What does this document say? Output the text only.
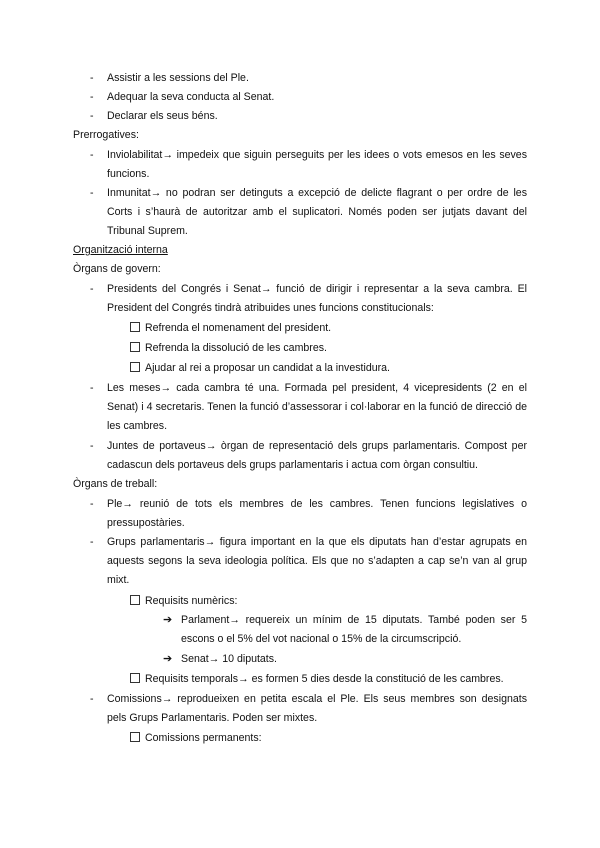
- Assistir a les sessions del Ple.
- Adequar la seva conducta al Senat.
- Declarar els seus béns.
Prerrogatives:
- Inviolabilitat→ impedeix que siguin perseguits per les idees o vots emesos en les seves funcions.
- Inmunitat→ no podran ser detinguts a excepció de delicte flagrant o per ordre de les Corts i s’haurà de autoritzar amb el suplicatori. Només poden ser jutjats davant del Tribunal Suprem.
Organització interna
Òrgans de govern:
- Presidents del Congrés i Senat→ funció de dirigir i representar a la seva cambra. El President del Congrés tindrà atribuides unes funcions constitucionals:
Refrenda el nomenament del president.
Refrenda la dissolució de les cambres.
Ajudar al rei a proposar un candidat a la investidura.
- Les meses→ cada cambra té una. Formada pel president, 4 vicepresidents (2 en el Senat) i 4 secretaris. Tenen la funció d’assessorar i col·laborar en la funció de direcció de les cambres.
- Juntes de portaveus→ òrgan de representació dels grups parlamentaris. Compost per cadascun dels portaveus dels grups parlamentaris i actua com òrgan consultiu.
Òrgans de treball:
- Ple→ reunió de tots els membres de les cambres. Tenen funcions legislatives o pressupostàries.
- Grups parlamentaris→ figura important en la que els diputats han d’estar agrupats en aquests segons la seva ideologia política. Els que no s’adapten a cap se’n van al grup mixt.
Requisits numèrics:
➔ Parlament→ requereix un mínim de 15 diputats. També poden ser 5 escons o el 5% del vot nacional o 15% de la circumscripció.
➔ Senat→ 10 diputats.
Requisits temporals→ es formen 5 dies desde la constitució de les cambres.
- Comissions→ reprodueixen en petita escala el Ple. Els seus membres son designats pels Grups Parlamentaris. Poden ser mixtes.
Comissions permanents:
